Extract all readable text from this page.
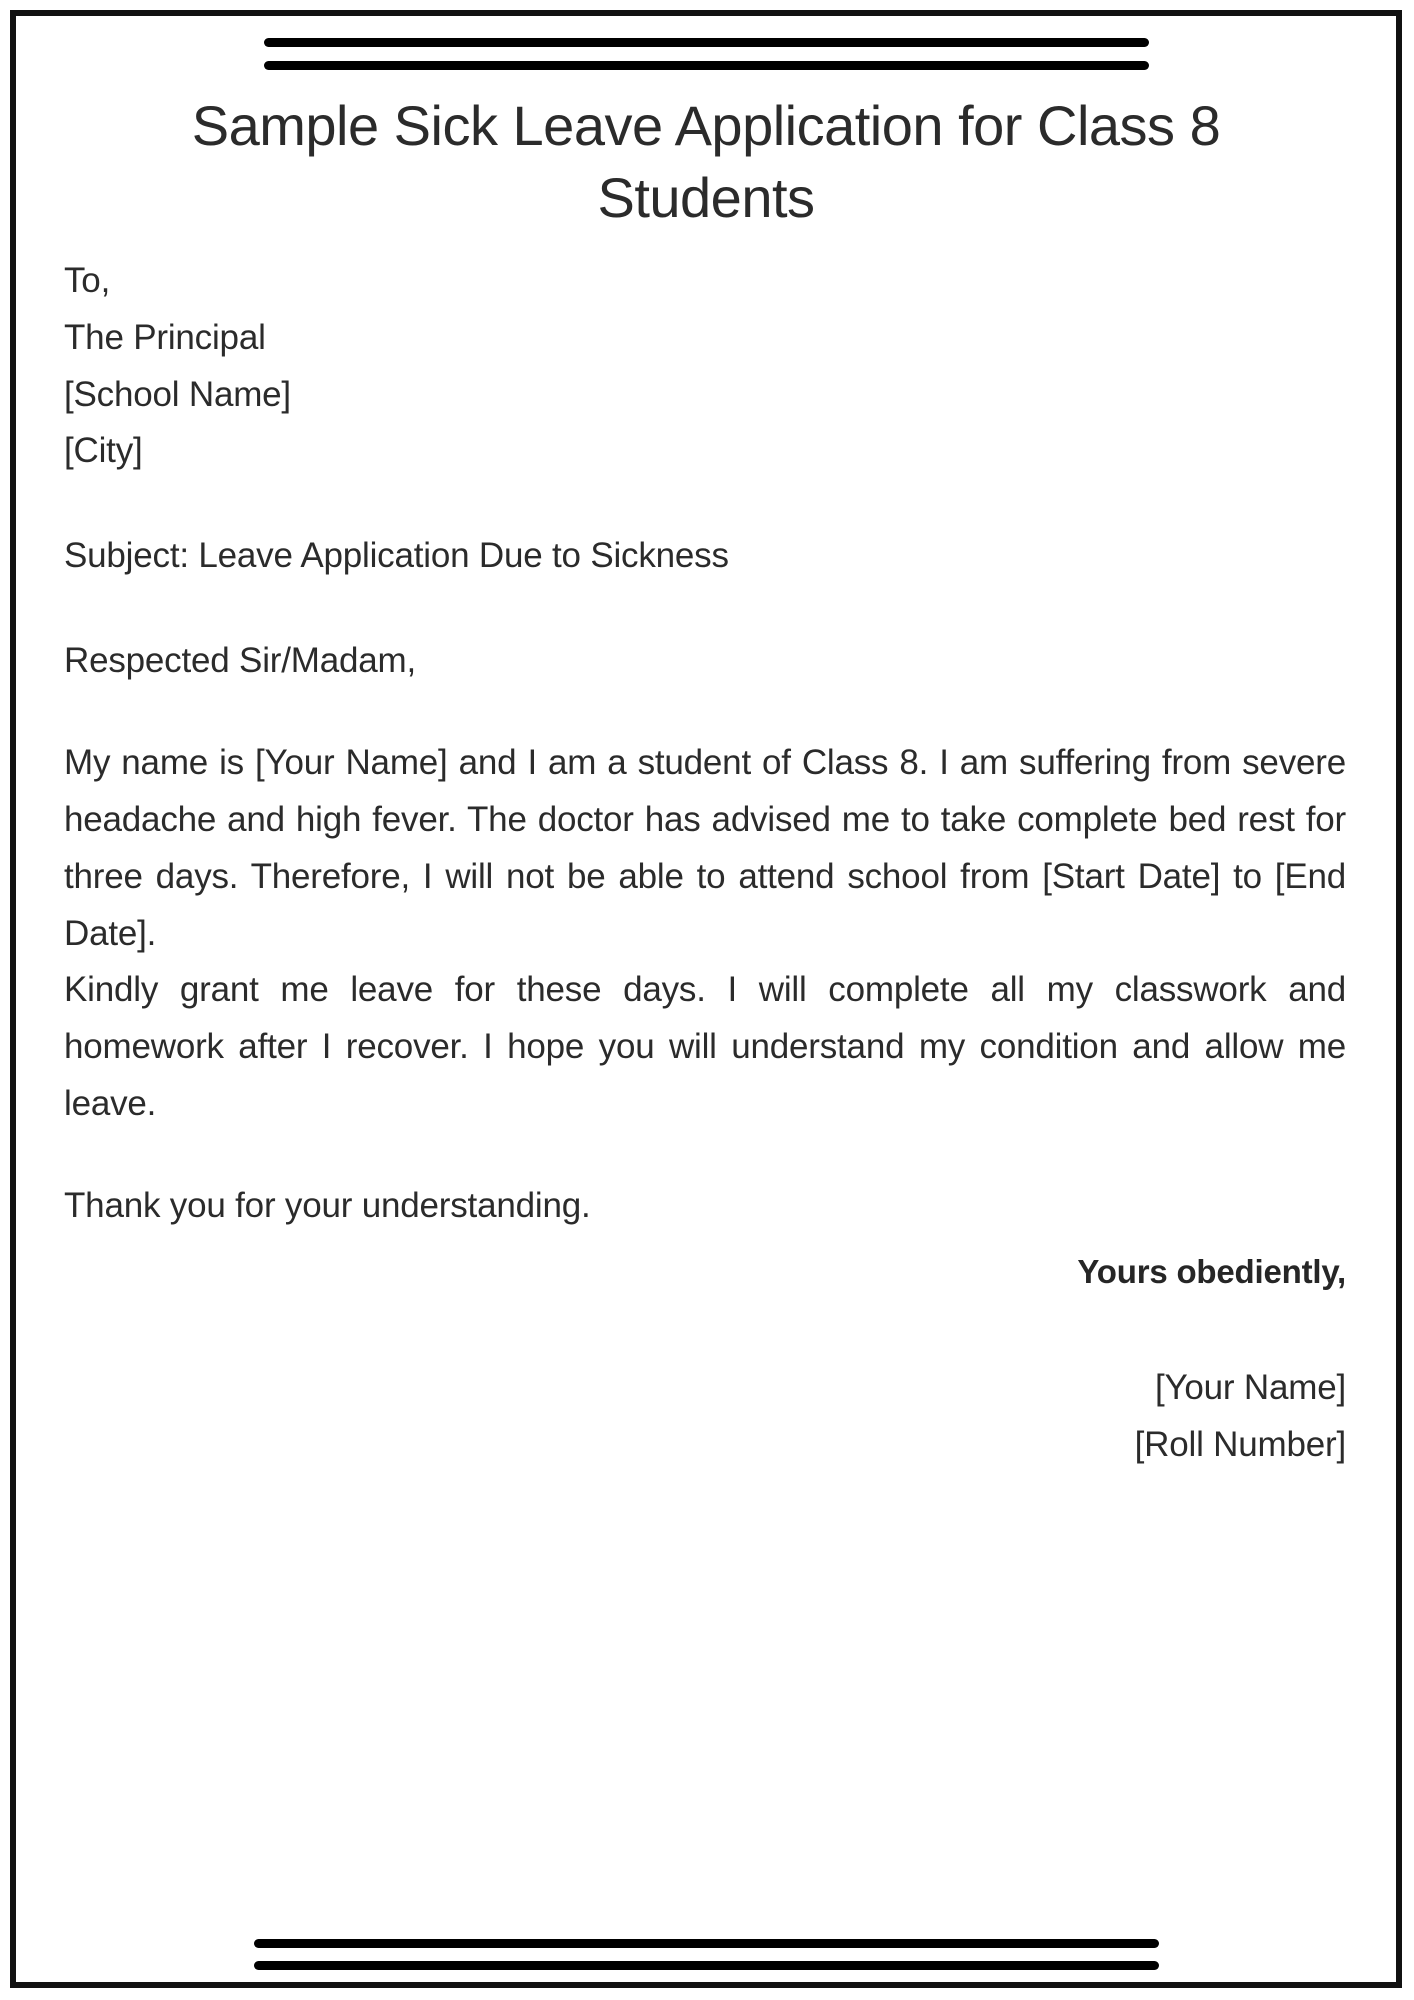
Sample Sick Leave Application for Class 8 Students
To,
The Principal
[School Name]
[City]
Subject: Leave Application Due to Sickness
Respected Sir/Madam,

My name is [Your Name] and I am a student of Class 8. I am suffering from severe headache and high fever. The doctor has advised me to take complete bed rest for three days. Therefore, I will not be able to attend school from [Start Date] to [End Date].

Kindly grant me leave for these days. I will complete all my classwork and homework after I recover. I hope you will understand my condition and allow me leave.

Thank you for your understanding.
Yours obediently,
[Your Name]
[Roll Number]
